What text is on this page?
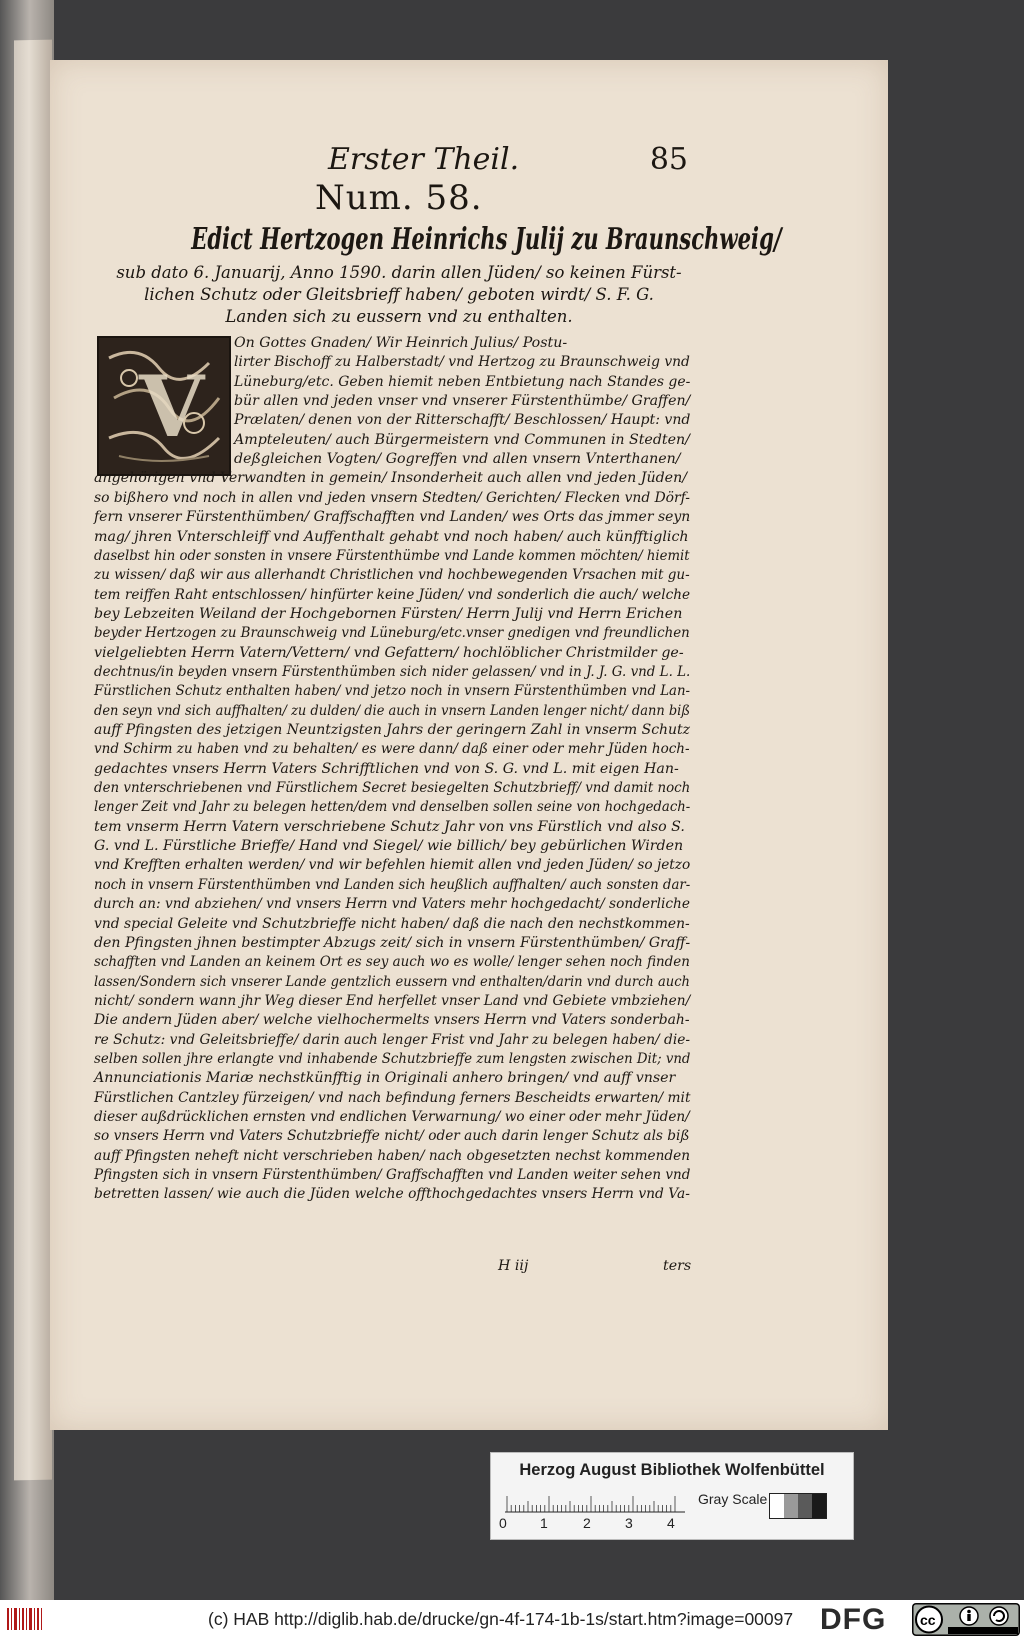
Erster Theil.	85
Num. 58.
Edict Hertzogen Heinrichs Julij zu Braunschweig/
sub dato 6. Januarij, Anno 1590. darin allen Jüden/ so keinen Fürst-
lichen Schutz oder Gleitsbrieff haben/ geboten wirdt/ S. F. G.
Landen sich zu eussern vnd zu enthalten.
V
On Gottes Gnaden/ Wir Heinrich Julius/ Postu-
lirter Bischoff zu Halberstadt/ vnd Hertzog zu Braunschweig vnd
Lüneburg/etc. Geben hiemit neben Entbietung nach Standes ge-
bür allen vnd jeden vnser vnd vnserer Fürstenthümbe/ Graffen/
Prælaten/ denen von der Ritterschafft/ Beschlossen/ Haupt: vnd
Ampteleuten/ auch Bürgermeistern vnd Communen in Stedten/
deßgleichen Vogten/ Gogreffen vnd allen vnsern Vnterthanen/
angehörigen vnd Verwandten in gemein/ Insonderheit auch allen vnd jeden Jüden/
so bißhero vnd noch in allen vnd jeden vnsern Stedten/ Gerichten/ Flecken vnd Dörf-
fern vnserer Fürstenthümben/ Graffschafften vnd Landen/ wes Orts das jmmer seyn
mag/ jhren Vnterschleiff vnd Auffenthalt gehabt vnd noch haben/ auch künfftiglich
daselbst hin oder sonsten in vnsere Fürstenthümbe vnd Lande kommen möchten/ hiemit
zu wissen/ daß wir aus allerhandt Christlichen vnd hochbewegenden Vrsachen mit gu-
tem reiffen Raht entschlossen/ hinfürter keine Jüden/ vnd sonderlich die auch/ welche
bey Lebzeiten Weiland der Hochgebornen Fürsten/ Herrn Julij vnd Herrn Erichen
beyder Hertzogen zu Braunschweig vnd Lüneburg/etc.vnser gnedigen vnd freundlichen
vielgeliebten Herrn Vatern/Vettern/ vnd Gefattern/ hochlöblicher Christmilder ge-
dechtnus/in beyden vnsern Fürstenthümben sich nider gelassen/ vnd in J. J. G. vnd L. L.
Fürstlichen Schutz enthalten haben/ vnd jetzo noch in vnsern Fürstenthümben vnd Lan-
den seyn vnd sich auffhalten/ zu dulden/ die auch in vnsern Landen lenger nicht/ dann biß
auff Pfingsten des jetzigen Neuntzigsten Jahrs der geringern Zahl in vnserm Schutz
vnd Schirm zu haben vnd zu behalten/ es were dann/ daß einer oder mehr Jüden hoch-
gedachtes vnsers Herrn Vaters Schrifftlichen vnd von S. G. vnd L. mit eigen Han-
den vnterschriebenen vnd Fürstlichem Secret besiegelten Schutzbrieff/ vnd damit noch
lenger Zeit vnd Jahr zu belegen hetten/dem vnd denselben sollen seine von hochgedach-
tem vnserm Herrn Vatern verschriebene Schutz Jahr von vns Fürstlich vnd also S.
G. vnd L. Fürstliche Brieffe/ Hand vnd Siegel/ wie billich/ bey gebürlichen Wirden
vnd Krefften erhalten werden/ vnd wir befehlen hiemit allen vnd jeden Jüden/ so jetzo
noch in vnsern Fürstenthümben vnd Landen sich heußlich auffhalten/ auch sonsten dar-
durch an: vnd abziehen/ vnd vnsers Herrn vnd Vaters mehr hochgedacht/ sonderliche
vnd special Geleite vnd Schutzbrieffe nicht haben/ daß die nach den nechstkommen-
den Pfingsten jhnen bestimpter Abzugs zeit/ sich in vnsern Fürstenthümben/ Graff-
schafften vnd Landen an keinem Ort es sey auch wo es wolle/ lenger sehen noch finden
lassen/Sondern sich vnserer Lande gentzlich eussern vnd enthalten/darin vnd durch auch
nicht/ sondern wann jhr Weg dieser End herfellet vnser Land vnd Gebiete vmbziehen/
Die andern Jüden aber/ welche vielhochermelts vnsers Herrn vnd Vaters sonderbah-
re Schutz: vnd Geleitsbrieffe/ darin auch lenger Frist vnd Jahr zu belegen haben/ die-
selben sollen jhre erlangte vnd inhabende Schutzbrieffe zum lengsten zwischen Dit; vnd
Annunciationis Mariæ nechstkünfftig in Originali anhero bringen/ vnd auff vnser
Fürstlichen Cantzley fürzeigen/ vnd nach befindung ferners Bescheidts erwarten/ mit
dieser außdrücklichen ernsten vnd endlichen Verwarnung/ wo einer oder mehr Jüden/
so vnsers Herrn vnd Vaters Schutzbrieffe nicht/ oder auch darin lenger Schutz als biß
auff Pfingsten neheft nicht verschrieben haben/ nach obgesetzten nechst kommenden
Pfingsten sich in vnsern Fürstenthümben/ Graffschafften vnd Landen weiter sehen vnd
betretten lassen/ wie auch die Jüden welche offthochgedachtes vnsers Herrn vnd Va-
H iij	ters
Herzog August Bibliothek Wolfenbüttel
0 1	2 3 4
Gray Scale
(c) HAB http://diglib.hab.de/drucke/gn-4f-174-1b-1s/start.htm?image=00097 DFG cc
